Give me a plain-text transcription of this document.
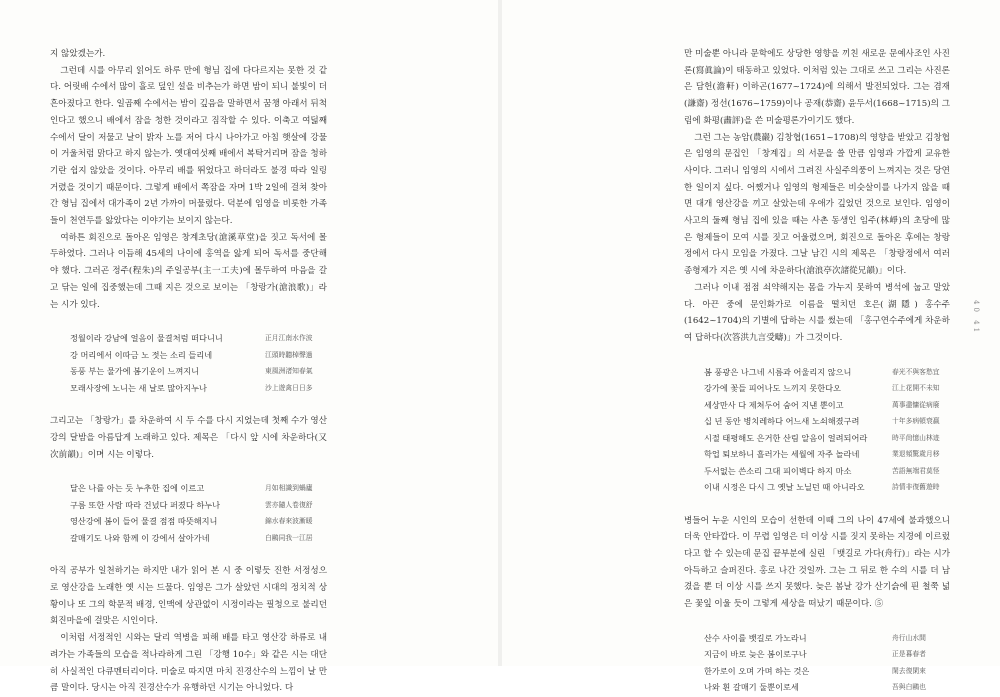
지 않았겠는가.

그런데 시를 아무리 읽어도 하루 만에 형님 집에 다다르지는 못한 것 같다. 어릿배 수에서 많이 흘로 덮인 설을 비추는가 하면 밤이 되니 불빛이 더 흔아졌다고 한다. 일곱째 수에서는 밤이 깊음을 말하면서 꿈챙 아래서 뒤척인다고 했으니 배에서 잠을 청한 것이라고 짐작할 수 있다. 이축고 여덟째 수에서 달이 저물고 날이 밝자 노를 저어 다시 나아가고 아침 햇살에 강물이 거울처럼 맑다고 하지 않는가. 옛대여섯째 배에서 복탁거리며 잠을 청하기란 쉽지 않았을 것이다. 아무리 배를 뛰었다고 하더라도 불경 따라 일링거렸을 것이기 때문이다. 그렇게 배에서 쪽잠을 자며 1박 2일에 걸쳐 찾아간 형님 집에서 대가족이 2년 가까이 머물렀다. 덕분에 임영을 비롯한 가족들이 천연두를 앓았다는 이야기는 보이지 않는다.

여하튼 회진으로 돌아온 임영은 창계초당(滄溪草堂)을 짓고 독서에 몰두하였다. 그러나 이듬해 45세의 나이에 홍역을 앓게 되어 독서를 중단해야 했다. 그러곤 정주(程朱)의 주일공부(主一工夫)에 몰두하여 마음을 갈고 닦는 일에 집중했는데 그때 지은 것으로 보이는 「창랑가(滄浪歌)」라는 시가 있다.

정월이라 강남에 얼음이 물결처럼 떠다니니	正月江南水作波
강 머리에서 이따금 노 젓는 소리 들리네	江頭時聽棹聲過
동풍 부는 물가에 봄기운이 느껴지니	東風洲渚知春氣
모래사장에 노니는 새 날로 많아지누나	沙上遊禽日日多

그리고는 「창랑가」를 차운하여 시 두 수를 다시 지었는데 첫째 수가 영산강의 달밤을 아름답게 노래하고 있다. 제목은 「다시 앞 시에 차운하다(又次前韻)」이며 시는 이렇다.

달은 나를 아는 듯 누추한 집에 이르고	月如相識到蝸廬
구름 또한 사람 따라 건넜다 퍼졌다 하누나	雲亦隨人卷復舒
영산강에 봄이 들어 물결 점점 따뜻해지니	錦水春來波漸暖
갈매기도 나와 함께 이 강에서 살아가네	白鷗同我一江居

아직 공부가 일천하기는 하지만 내가 읽어 본 시 중 이렇듯 진한 서정성으로 영산강을 노래한 옛 시는 드물다. 임영은 그가 살았던 시대의 정치적 상황이나 또 그의 학문적 배경, 인맥에 상관없이 시정이라는 필청으로 불리던 회진마을에 걸맞은 시인이다.

이처럼 서정적인 시와는 달리 역병을 피해 배를 타고 영산강 하류로 내려가는 가족들의 모습을 적나라하게 그린 「강행 10수」와 같은 시는 대단히 사실적인 다큐멘터리이다. 미술로 따지면 마치 진경산수의 느낌이 날 만큼 말이다. 당시는 아직 진경산수가 유행하던 시기는 아니었다. 다

만 미술뿐 아니라 문학에도 상당한 영향을 끼친 새로운 문예사조인 사진론(寫眞論)이 태동하고 있었다. 이처럼 있는 그대로 쓰고 그리는 사진론은 담헌(澹軒) 이하곤(1677~1724)에 의해서 발전되었다. 그는 겸재(謙齋) 정선(1676~1759)이나 공재(恭齋) 윤두서(1668~1715)의 그림에 화평(畵評)을 쓴 미술평론가이기도 했다.

그런 그는 농암(農巖) 김창협(1651~1708)의 영향을 받았고 김창협은 임영의 문집인 「창계집」의 서문을 쓸 만큼 임영과 가깝게 교유한 사이다. 그러니 임영의 시에서 그려진 사실주의풍이 느껴지는 것은 당연한 일이지 싶다. 어쨌거나 임영의 형제들은 비슷살이를 나가지 않을 때면 대개 영산강을 끼고 살았는데 우애가 깊었던 것으로 보인다. 임영이 사고의 둘째 형님 집에 있을 때는 사촌 동생인 임주(林崢)의 초당에 많은 형제들이 모여 시를 짓고 어울렸으며, 회진으로 돌아온 후에는 창랑정에서 다시 모임을 가졌다. 그날 남긴 시의 제목은 「창랑정에서 여러 종형제가 지은 옛 시에 차운하다(滄浪亭次諸從兄韻)」이다.

그러나 이내 점점 쇠약해지는 몸을 가누지 못하여 병석에 눕고 말았다. 아끈 중에 문인화가로 이름을 떨치던 호은(湖隱) 홍수주(1642~1704)의 기별에 답하는 시를 썼는데 「홍구연수주에게 차운하여 답하다(次答洪九言受疇)」가 그것이다.

봄 풍광은 나그네 시름과 어울리지 않으니	春光不與客愁宜
강가에 꽃들 피어나도 느끼지 못한다오	江上花開不未知
세상만사 다 제쳐두어 숨어 지낸 뿐이고	萬事盡慵從病廢
십 년 동안 병치레하다 어느새 노쇠해졌구려	十年多病頓衰羸
시절 태평해도 은거한 산림 알음이 얼려되어라	時平尙憶山林迹
학업 퇴보하니 흘러가는 세월에 자주 놀라네	業退頻驚歲月移
두서없는 쓴소리 그대 피이벽다 하지 마소	苦語無端君莫怪
이내 시정은 다시 그 옛날 노닐던 때 아니라오	詩情非復舊遊時

병들어 누운 시인의 모습이 선한데 이때 그의 나이 47세에 불과했으니 더욱 안타깝다. 이 무렵 임영은 더 이상 시를 짓지 못하는 지경에 이르렀다고 할 수 있는데 문집 끝부분에 실린 「뱃길로 가다(舟行)」라는 시가 아득하고 슬퍼진다. 홍로 나간 것일까. 그는 그 뒤로 한 수의 시를 더 남겼을 뿐 더 이상 시를 쓰지 못했다. 늦은 봄날 강가 산기슭에 핀 철쭉 넓은 꽃잎 이울 듯이 그렇게 세상을 떠났기 때문이다. ⑤

산수 사이를 뱃길로 가노라니	舟行山水間
지금이 바로 늦은 봄이로구나	正是暮春者
한가로이 오며 가며 하는 것은	閑去復閑來
나와 흰 갈매기 둘뿐이로세	吾與白鷗也
40 41
